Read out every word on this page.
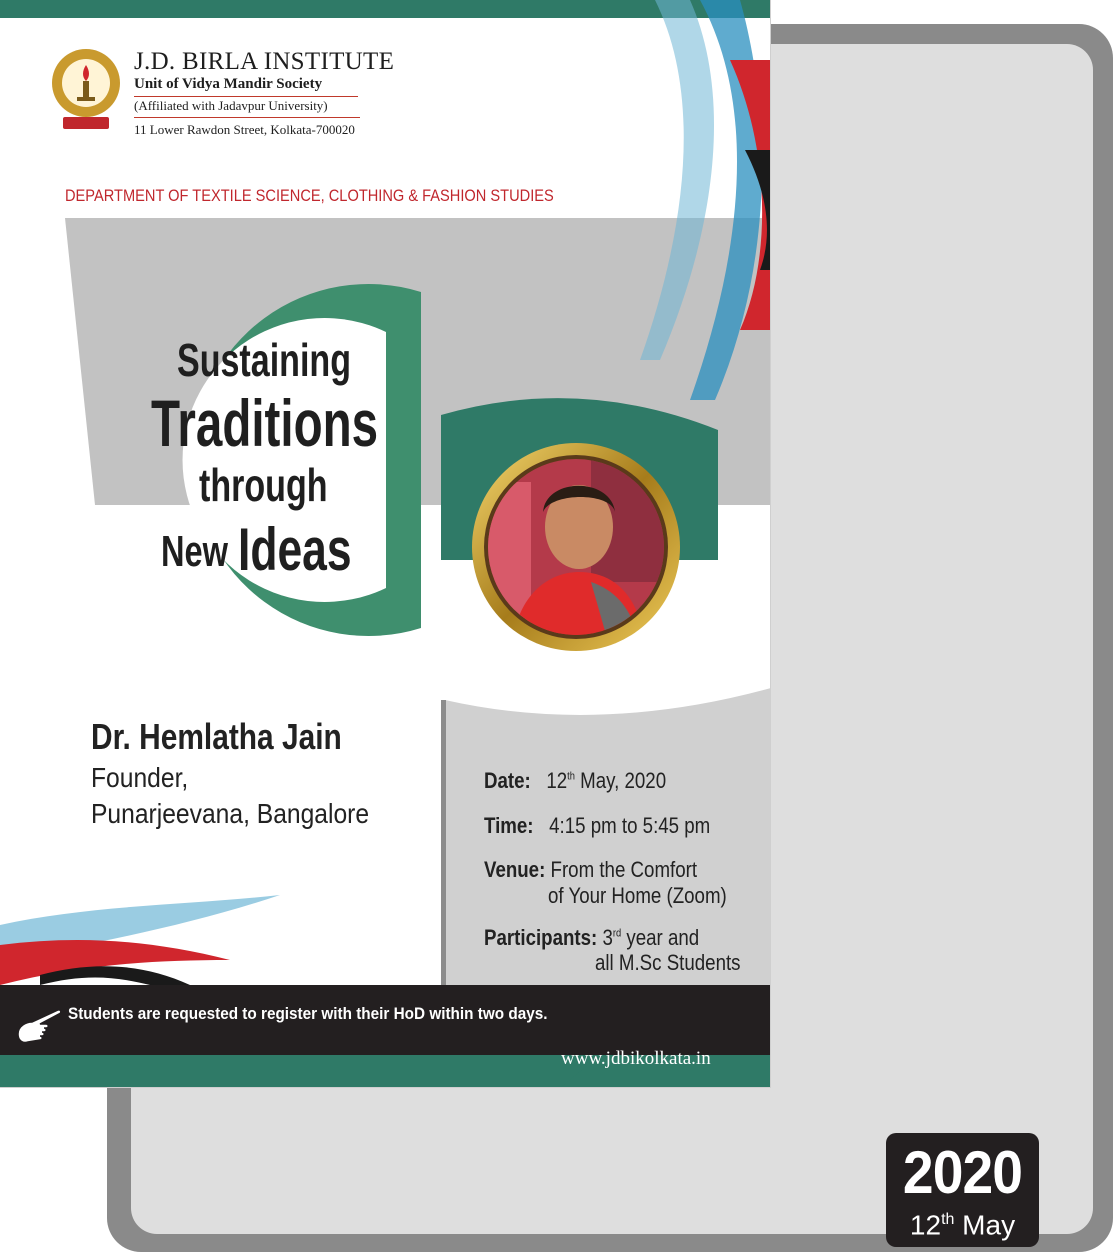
2020
12th May
J.D. BIRLA INSTITUTE
Unit of Vidya Mandir Society
(Affiliated with Jadavpur University)
11 Lower Rawdon Street, Kolkata-700020
DEPARTMENT OF TEXTILE SCIENCE, CLOTHING & FASHION STUDIES
Sustaining
Traditions
through
New Ideas
Dr. Hemlatha Jain
Founder,
Punarjeevana, Bangalore
Date: 12th May, 2020
Time: 4:15 pm to 5:45 pm
Venue: From the Comfort
of Your Home (Zoom)
Participants: 3rd year and
all M.Sc Students
Students are requested to register with their HoD within two days.
www.jdbikolkata.in
